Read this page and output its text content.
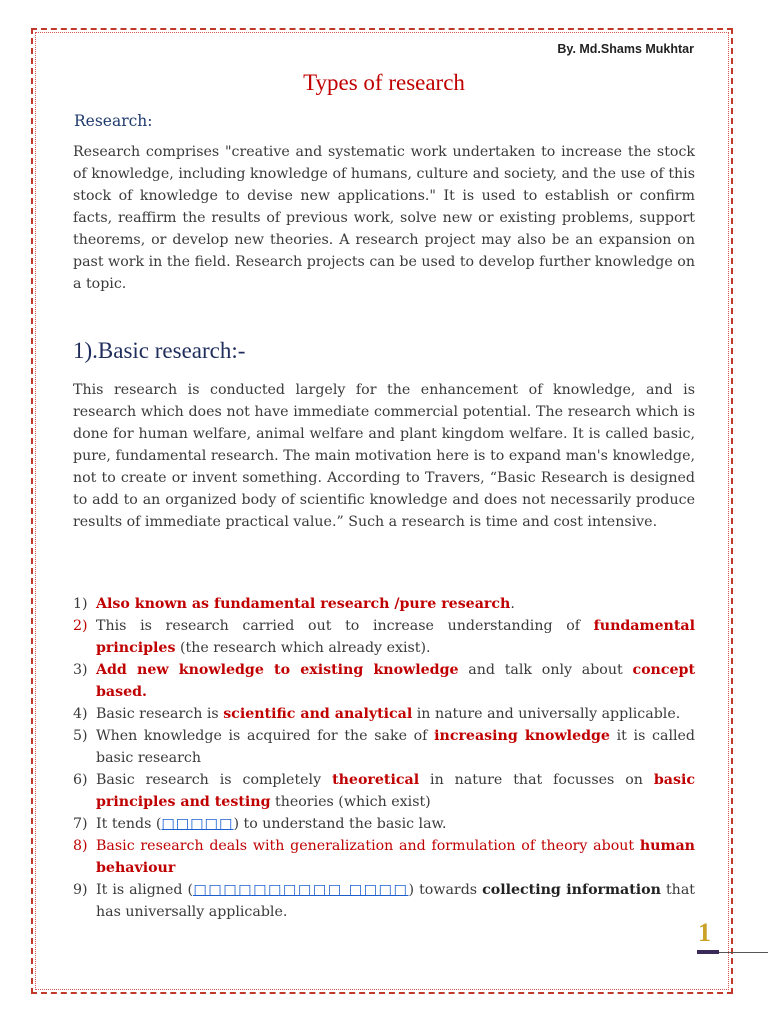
By. Md.Shams Mukhtar
Types of research
Research:
Research comprises "creative and systematic work undertaken to increase the stock of knowledge, including knowledge of humans, culture and society, and the use of this stock of knowledge to devise new applications." It is used to establish or confirm facts, reaffirm the results of previous work, solve new or existing problems, support theorems, or develop new theories. A research project may also be an expansion on past work in the field. Research projects can be used to develop further knowledge on a topic.
1).Basic research:-
This research is conducted largely for the enhancement of knowledge, and is research which does not have immediate commercial potential. The research which is done for human welfare, animal welfare and plant kingdom welfare. It is called basic, pure, fundamental research. The main motivation here is to expand man's knowledge, not to create or invent something. According to Travers, “Basic Research is designed to add to an organized body of scientific knowledge and does not necessarily produce results of immediate practical value.” Such a research is time and cost intensive.
1) Also known as fundamental research /pure research.
2) This is research carried out to increase understanding of fundamental principles (the research which already exist).
3) Add new knowledge to existing knowledge and talk only about concept based.
4) Basic research is scientific and analytical in nature and universally applicable.
5) When knowledge is acquired for the sake of increasing knowledge it is called basic research
6) Basic research is completely theoretical in nature that focusses on basic principles and testing theories (which exist)
7) It tends (□□□□□) to understand the basic law.
8) Basic research deals with generalization and formulation of theory about human behaviour
9) It is aligned (□□□□□□□□□□ □□□□) towards collecting information that has universally applicable.
1
